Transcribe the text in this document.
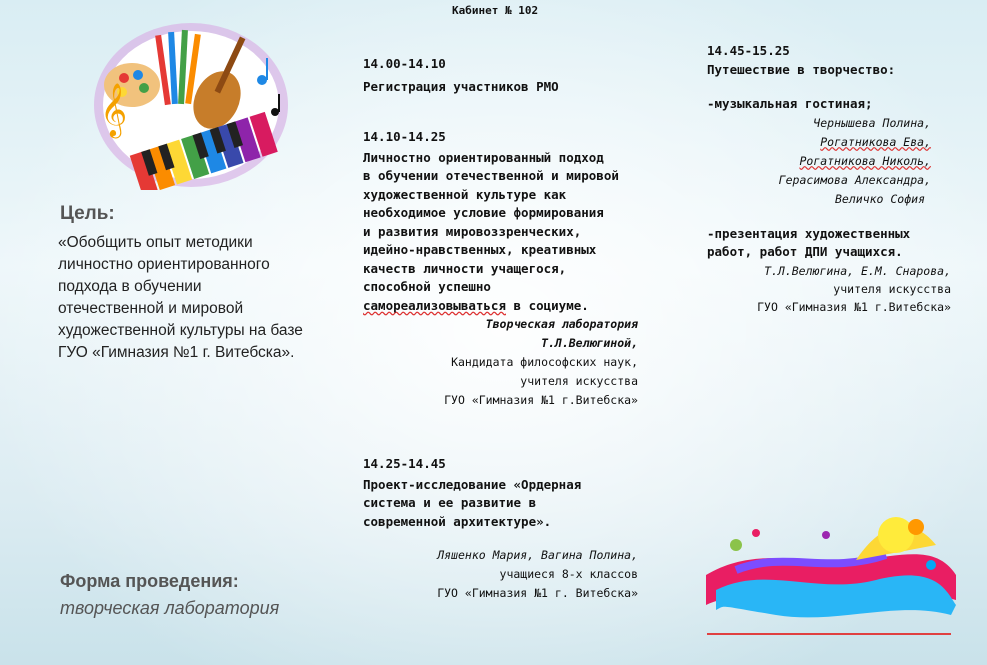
𝄞
Кабинет № 102
Цель:
«Обобщить опыт методики личностно ориентированного подхода в обучении отечественной и мировой художественной культуры на базе ГУО «Гимназия №1 г. Витебска».
Форма проведения:
творческая лаборатория
14.00-14.10
Регистрация участников РМО
14.10-14.25
Личностно ориентированный подход
в обучении отечественной и мировой
художественной культуре как
необходимое условие формирования
и развития мировоззренческих,
идейно-нравственных, креативных
качеств личности учащегося,
способной успешно
самореализовываться в социуме.
Творческая лаборатория
Т.Л.Велюгиной,
Кандидата философских наук,
учителя искусства
ГУО «Гимназия №1 г.Витебска»
14.25-14.45
Проект-исследование «Ордерная
система и ее развитие в
современной архитектуре».
Ляшенко Мария, Вагина Полина,
учащиеся 8-х классов
ГУО «Гимназия №1 г. Витебска»
14.45-15.25
Путешествие в творчество:
-музыкальная гостиная;
Чернышева Полина,
Рогатникова Ева,
Рогатникова Николь,
Герасимова Александра,
Величко София
-презентация художественных
работ, работ ДПИ учащихся.
Т.Л.Велюгина, Е.М. Снарова,
учителя искусства
ГУО «Гимназия №1 г.Витебска»
